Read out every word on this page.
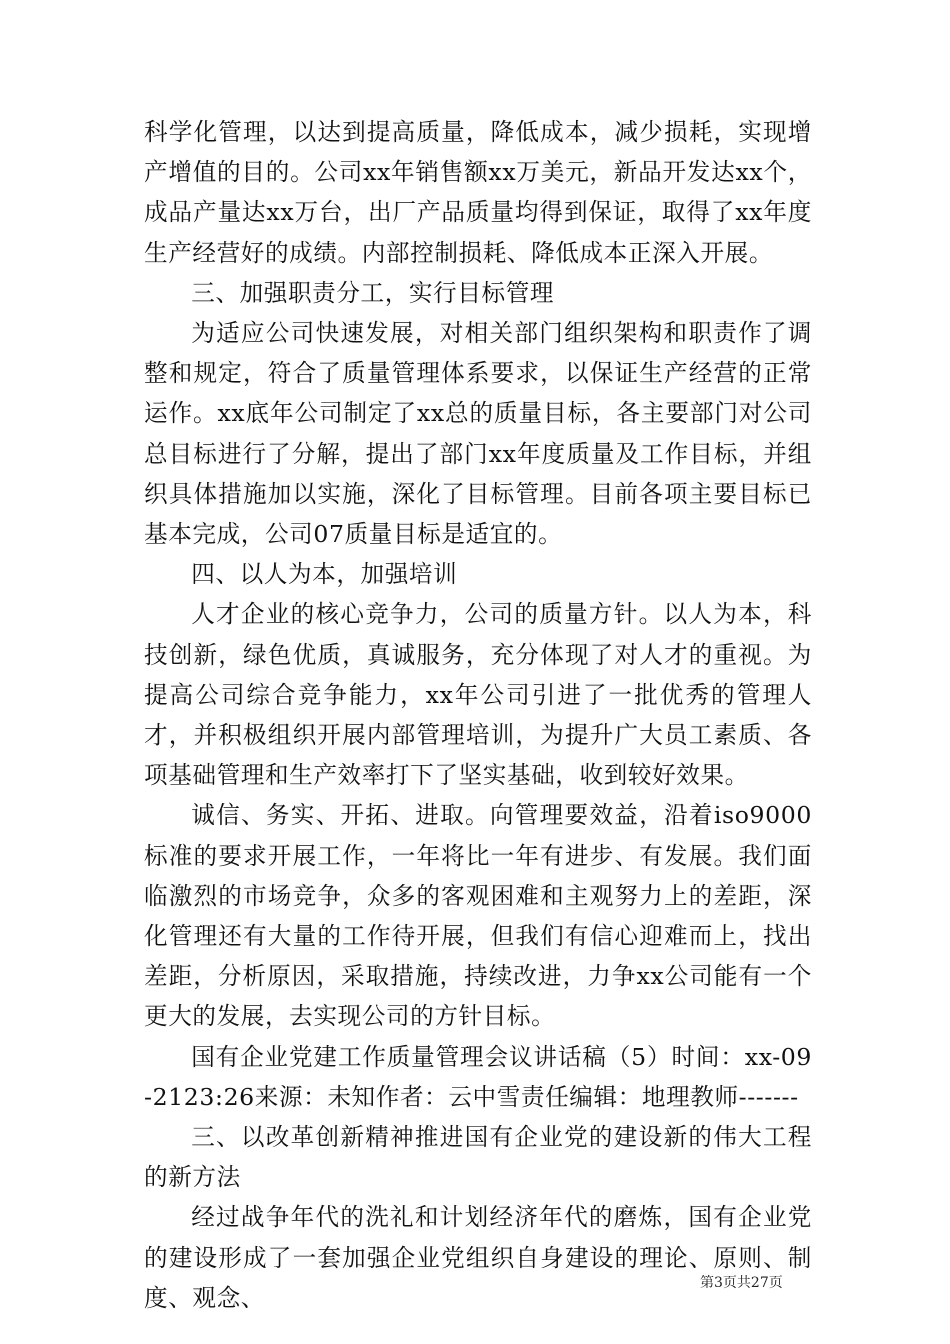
科学化管理，以达到提高质量，降低成本，减少损耗，实现增产增值的目的。公司xx年销售额xx万美元，新品开发达xx个，成品产量达xx万台，出厂产品质量均得到保证，取得了xx年度生产经营好的成绩。内部控制损耗、降低成本正深入开展。

三、加强职责分工，实行目标管理

为适应公司快速发展，对相关部门组织架构和职责作了调整和规定，符合了质量管理体系要求，以保证生产经营的正常运作。xx底年公司制定了xx总的质量目标，各主要部门对公司总目标进行了分解，提出了部门xx年度质量及工作目标，并组织具体措施加以实施，深化了目标管理。目前各项主要目标已基本完成，公司07质量目标是适宜的。

四、以人为本，加强培训

人才企业的核心竞争力，公司的质量方针。以人为本，科技创新，绿色优质，真诚服务，充分体现了对人才的重视。为提高公司综合竞争能力，xx年公司引进了一批优秀的管理人才，并积极组织开展内部管理培训，为提升广大员工素质、各项基础管理和生产效率打下了坚实基础，收到较好效果。

诚信、务实、开拓、进取。向管理要效益，沿着iso9000标准的要求开展工作，一年将比一年有进步、有发展。我们面临激烈的市场竞争，众多的客观困难和主观努力上的差距，深化管理还有大量的工作待开展，但我们有信心迎难而上，找出差距，分析原因，采取措施，持续改进，力争xx公司能有一个更大的发展，去实现公司的方针目标。

国有企业党建工作质量管理会议讲话稿（5）时间：xx-09-2123:26来源：未知作者：云中雪责任编辑：地理教师-------

三、以改革创新精神推进国有企业党的建设新的伟大工程的新方法

经过战争年代的洗礼和计划经济年代的磨炼，国有企业党的建设形成了一套加强企业党组织自身建设的理论、原则、制度、观念、

第3页共27页
